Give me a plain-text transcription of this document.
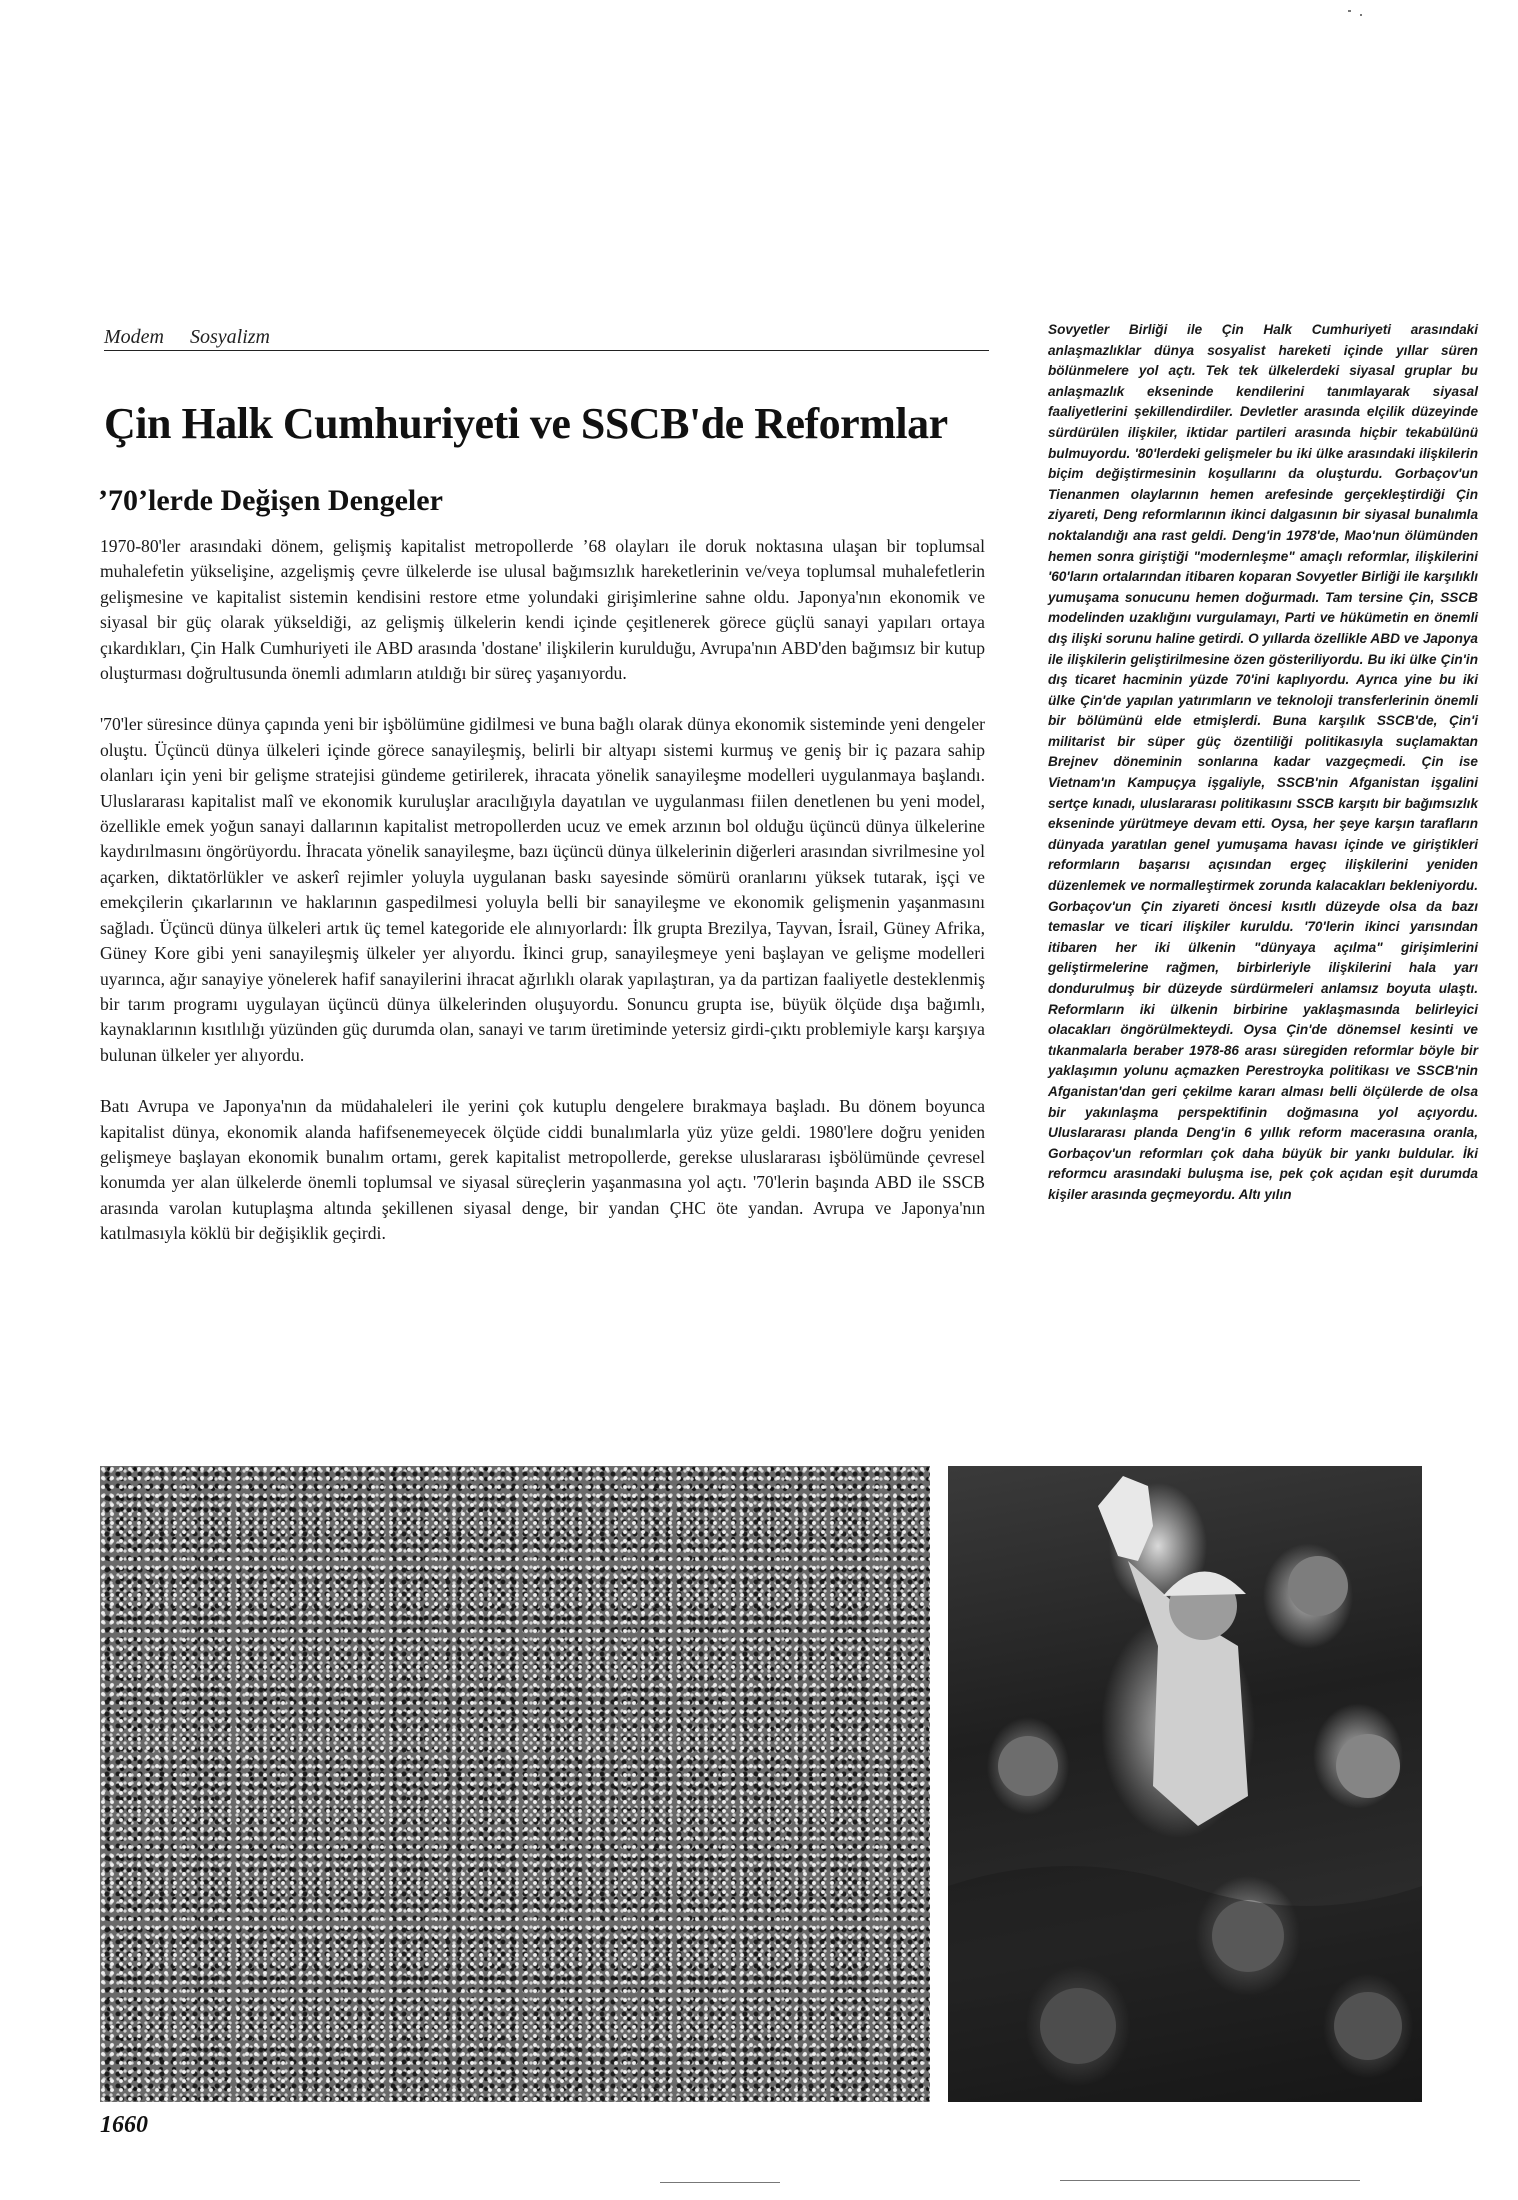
Modem Sosyalizm
Çin Halk Cumhuriyeti ve SSCB'de Reformlar
’70’lerde Değişen Dengeler

1970-80'ler arasındaki dönem, gelişmiş kapitalist metropollerde ’68 olayları ile doruk noktasına ulaşan bir toplumsal muhalefetin yükselişine, azgelişmiş çevre ülkelerde ise ulusal bağımsızlık hareketlerinin ve/veya toplumsal muhalefetlerin gelişmesine ve kapitalist sistemin kendisini restore etme yolundaki girişimlerine sahne oldu. Japonya'nın ekonomik ve siyasal bir güç olarak yükseldiği, az gelişmiş ülkelerin kendi içinde çeşitlenerek görece güçlü sanayi yapıları ortaya çıkardıkları, Çin Halk Cumhuriyeti ile ABD arasında 'dostane' ilişkilerin kurulduğu, Avrupa'nın ABD'den bağımsız bir kutup oluşturması doğrultusunda önemli adımların atıldığı bir süreç yaşanıyordu.

'70'ler süresince dünya çapında yeni bir işbölümüne gidilmesi ve buna bağlı olarak dünya ekonomik sisteminde yeni dengeler oluştu. Üçüncü dünya ülkeleri içinde görece sanayileşmiş, belirli bir altyapı sistemi kurmuş ve geniş bir iç pazara sahip olanları için yeni bir gelişme stratejisi gündeme getirilerek, ihracata yönelik sanayileşme modelleri uygulanmaya başlandı. Uluslararası kapitalist malî ve ekonomik kuruluşlar aracılığıyla dayatılan ve uygulanması fiilen denetlenen bu yeni model, özellikle emek yoğun sanayi dallarının kapitalist metropollerden ucuz ve emek arzının bol olduğu üçüncü dünya ülkelerine kaydırılmasını öngörüyordu. İhracata yönelik sanayileşme, bazı üçüncü dünya ülkelerinin diğerleri arasından sivrilmesine yol açarken, diktatörlükler ve askerî rejimler yoluyla uygulanan baskı sayesinde sömürü oranlarını yüksek tutarak, işçi ve emekçilerin çıkarlarının ve haklarının gaspedilmesi yoluyla belli bir sanayileşme ve ekonomik gelişmenin yaşanmasını sağladı. Üçüncü dünya ülkeleri artık üç temel kategoride ele alınıyorlardı: İlk grupta Brezilya, Tayvan, İsrail, Güney Afrika, Güney Kore gibi yeni sanayileşmiş ülkeler yer alıyordu. İkinci grup, sanayileşmeye yeni başlayan ve gelişme modelleri uyarınca, ağır sanayiye yönelerek hafif sanayilerini ihracat ağırlıklı olarak yapılaştıran, ya da partizan faaliyetle desteklenmiş bir tarım programı uygulayan üçüncü dünya ülkelerinden oluşuyordu. Sonuncu grupta ise, büyük ölçüde dışa bağımlı, kaynaklarının kısıtlılığı yüzünden güç durumda olan, sanayi ve tarım üretiminde yetersiz girdi-çıktı problemiyle karşı karşıya bulunan ülkeler yer alıyordu.

Batı Avrupa ve Japonya'nın da müdahaleleri ile yerini çok kutuplu dengelere bırakmaya başladı. Bu dönem boyunca kapitalist dünya, ekonomik alanda hafifsenemeyecek ölçüde ciddi bunalımlarla yüz yüze geldi. 1980'lere doğru yeniden gelişmeye başlayan ekonomik bunalım ortamı, gerek kapitalist metropollerde, gerekse uluslararası işbölümünde çevresel konumda yer alan ülkelerde önemli toplumsal ve siyasal süreçlerin yaşanmasına yol açtı. '70'lerin başında ABD ile SSCB arasında varolan kutuplaşma altında şekillenen siyasal denge, bir yandan ÇHC öte yandan. Avrupa ve Japonya'nın katılmasıyla köklü bir değişiklik geçirdi.

Sovyetler Birliği ile Çin Halk Cumhuriyeti arasındaki anlaşmazlıklar dünya sosyalist hareketi içinde yıllar süren bölünmelere yol açtı. Tek tek ülkelerdeki siyasal gruplar bu anlaşmazlık ekseninde kendilerini tanımlayarak siyasal faaliyetlerini şekillendirdiler. Devletler arasında elçilik düzeyinde sürdürülen ilişkiler, iktidar partileri arasında hiçbir tekabülünü bulmuyordu. '80'lerdeki gelişmeler bu iki ülke arasındaki ilişkilerin biçim değiştirmesinin koşullarını da oluşturdu. Gorbaçov'un Tienanmen olaylarının hemen arefesinde gerçekleştirdiği Çin ziyareti, Deng reformlarının ikinci dalgasının bir siyasal bunalımla noktalandığı ana rast geldi. Deng'in 1978'de, Mao'nun ölümünden hemen sonra giriştiği "modernleşme" amaçlı reformlar, ilişkilerini '60'ların ortalarından itibaren koparan Sovyetler Birliği ile karşılıklı yumuşama sonucunu hemen doğurmadı. Tam tersine Çin, SSCB modelinden uzaklığını vurgulamayı, Parti ve hükümetin en önemli dış ilişki sorunu haline getirdi. O yıllarda özellikle ABD ve Japonya ile ilişkilerin geliştirilmesine özen gösteriliyordu. Bu iki ülke Çin'in dış ticaret hacminin yüzde 70'ini kaplıyordu. Ayrıca yine bu iki ülke Çin'de yapılan yatırımların ve teknoloji transferlerinin önemli bir bölümünü elde etmişlerdi. Buna karşılık SSCB'de, Çin'i militarist bir süper güç özentiliği politikasıyla suçlamaktan Brejnev döneminin sonlarına kadar vazgeçmedi. Çin ise Vietnam'ın Kampuçya işgaliyle, SSCB'nin Afganistan işgalini sertçe kınadı, uluslararası politikasını SSCB karşıtı bir bağımsızlık ekseninde yürütmeye devam etti. Oysa, her şeye karşın tarafların dünyada yaratılan genel yumuşama havası içinde ve giriştikleri reformların başarısı açısından ergeç ilişkilerini yeniden düzenlemek ve normalleştirmek zorunda kalacakları bekleniyordu. Gorbaçov'un Çin ziyareti öncesi kısıtlı düzeyde olsa da bazı temaslar ve ticari ilişkiler kuruldu. '70'lerin ikinci yarısından itibaren her iki ülkenin "dünyaya açılma" girişimlerini geliştirmelerine rağmen, birbirleriyle ilişkilerini hala yarı dondurulmuş bir düzeyde sürdürmeleri anlamsız boyuta ulaştı. Reformların iki ülkenin birbirine yaklaşmasında belirleyici olacakları öngörülmekteydi. Oysa Çin'de dönemsel kesinti ve tıkanmalarla beraber 1978-86 arası süregiden reformlar böyle bir yaklaşımın yolunu açmazken Perestroyka politikası ve SSCB'nin Afganistan'dan geri çekilme kararı alması belli ölçülerde de olsa bir yakınlaşma perspektifinin doğmasına yol açıyordu. Uluslararası planda Deng'in 6 yıllık reform macerasına oranla, Gorbaçov'un reformları çok daha büyük bir yankı buldular. İki reformcu arasındaki buluşma ise, pek çok açıdan eşit durumda kişiler arasında geçmeyordu. Altı yılın

1660
